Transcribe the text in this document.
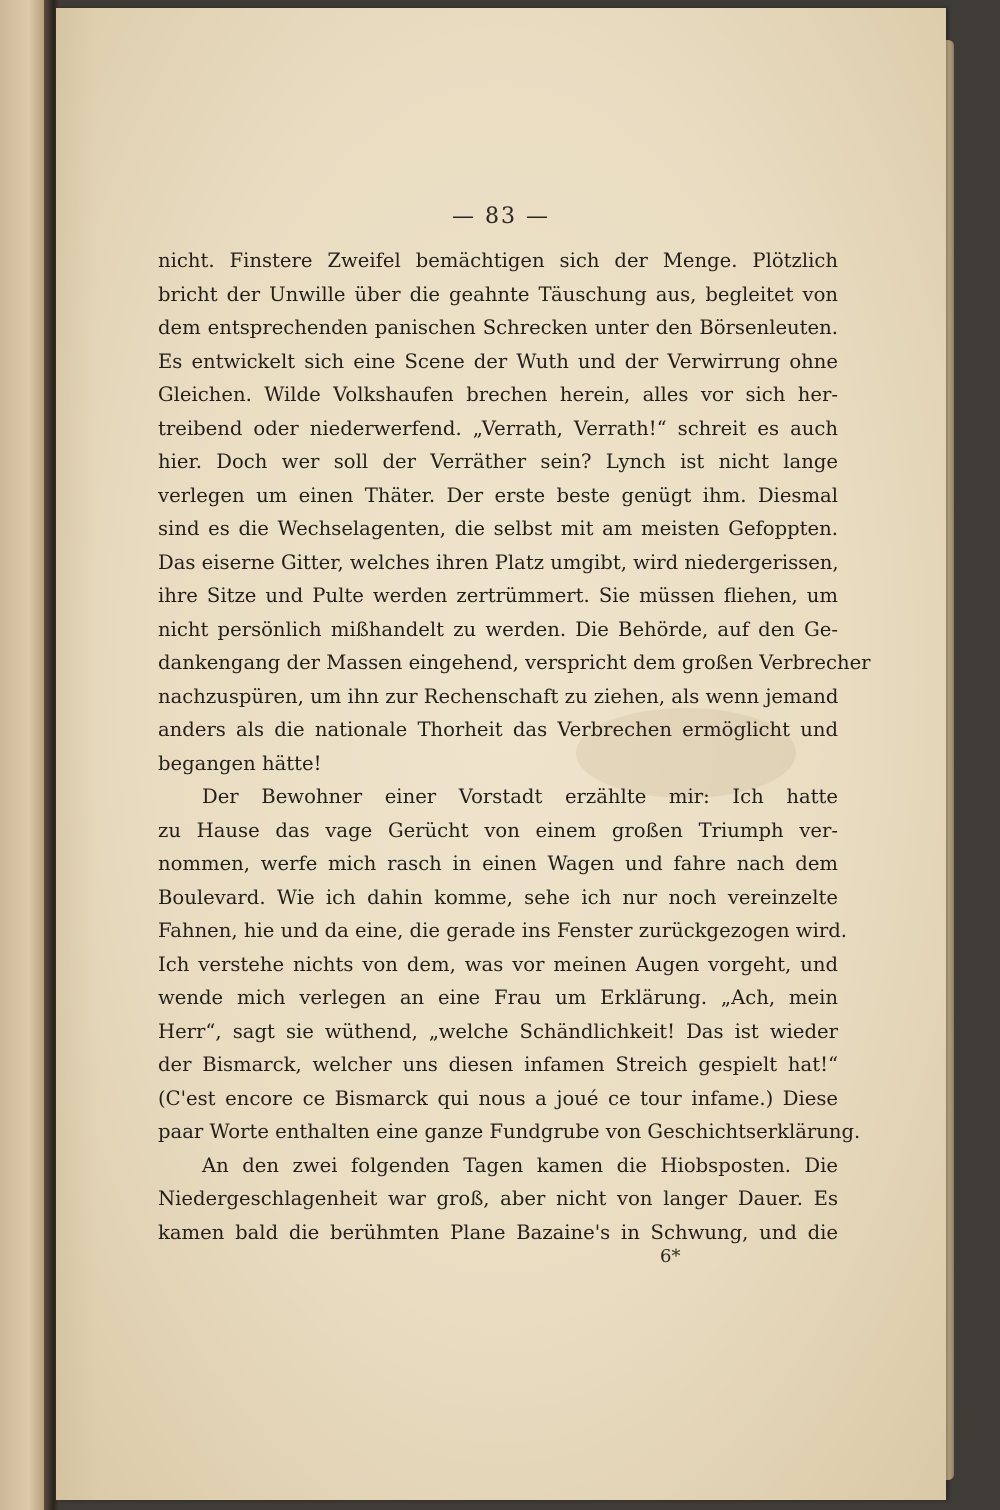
— 83 —
nicht. Finstere Zweifel bemächtigen sich der Menge. Plötzlich
bricht der Unwille über die geahnte Täuschung aus, begleitet von
dem entsprechenden panischen Schrecken unter den Börsenleuten.
Es entwickelt sich eine Scene der Wuth und der Verwirrung ohne
Gleichen. Wilde Volkshaufen brechen herein, alles vor sich her-
treibend oder niederwerfend. „Verrath, Verrath!“ schreit es auch
hier. Doch wer soll der Verräther sein? Lynch ist nicht lange
verlegen um einen Thäter. Der erste beste genügt ihm. Diesmal
sind es die Wechselagenten, die selbst mit am meisten Gefoppten.
Das eiserne Gitter, welches ihren Platz umgibt, wird niedergerissen,
ihre Sitze und Pulte werden zertrümmert. Sie müssen fliehen, um
nicht persönlich mißhandelt zu werden. Die Behörde, auf den Ge-
dankengang der Massen eingehend, verspricht dem großen Verbrecher
nachzuspüren, um ihn zur Rechenschaft zu ziehen, als wenn jemand
anders als die nationale Thorheit das Verbrechen ermöglicht und
begangen hätte!
Der Bewohner einer Vorstadt erzählte mir: Ich hatte
zu Hause das vage Gerücht von einem großen Triumph ver-
nommen, werfe mich rasch in einen Wagen und fahre nach dem
Boulevard. Wie ich dahin komme, sehe ich nur noch vereinzelte
Fahnen, hie und da eine, die gerade ins Fenster zurückgezogen wird.
Ich verstehe nichts von dem, was vor meinen Augen vorgeht, und
wende mich verlegen an eine Frau um Erklärung. „Ach, mein
Herr“, sagt sie wüthend, „welche Schändlichkeit! Das ist wieder
der Bismarck, welcher uns diesen infamen Streich gespielt hat!“
(C'est encore ce Bismarck qui nous a joué ce tour infame.) Diese
paar Worte enthalten eine ganze Fundgrube von Geschichtserklärung.
An den zwei folgenden Tagen kamen die Hiobsposten. Die
Niedergeschlagenheit war groß, aber nicht von langer Dauer. Es
kamen bald die berühmten Plane Bazaine's in Schwung, und die
6*
